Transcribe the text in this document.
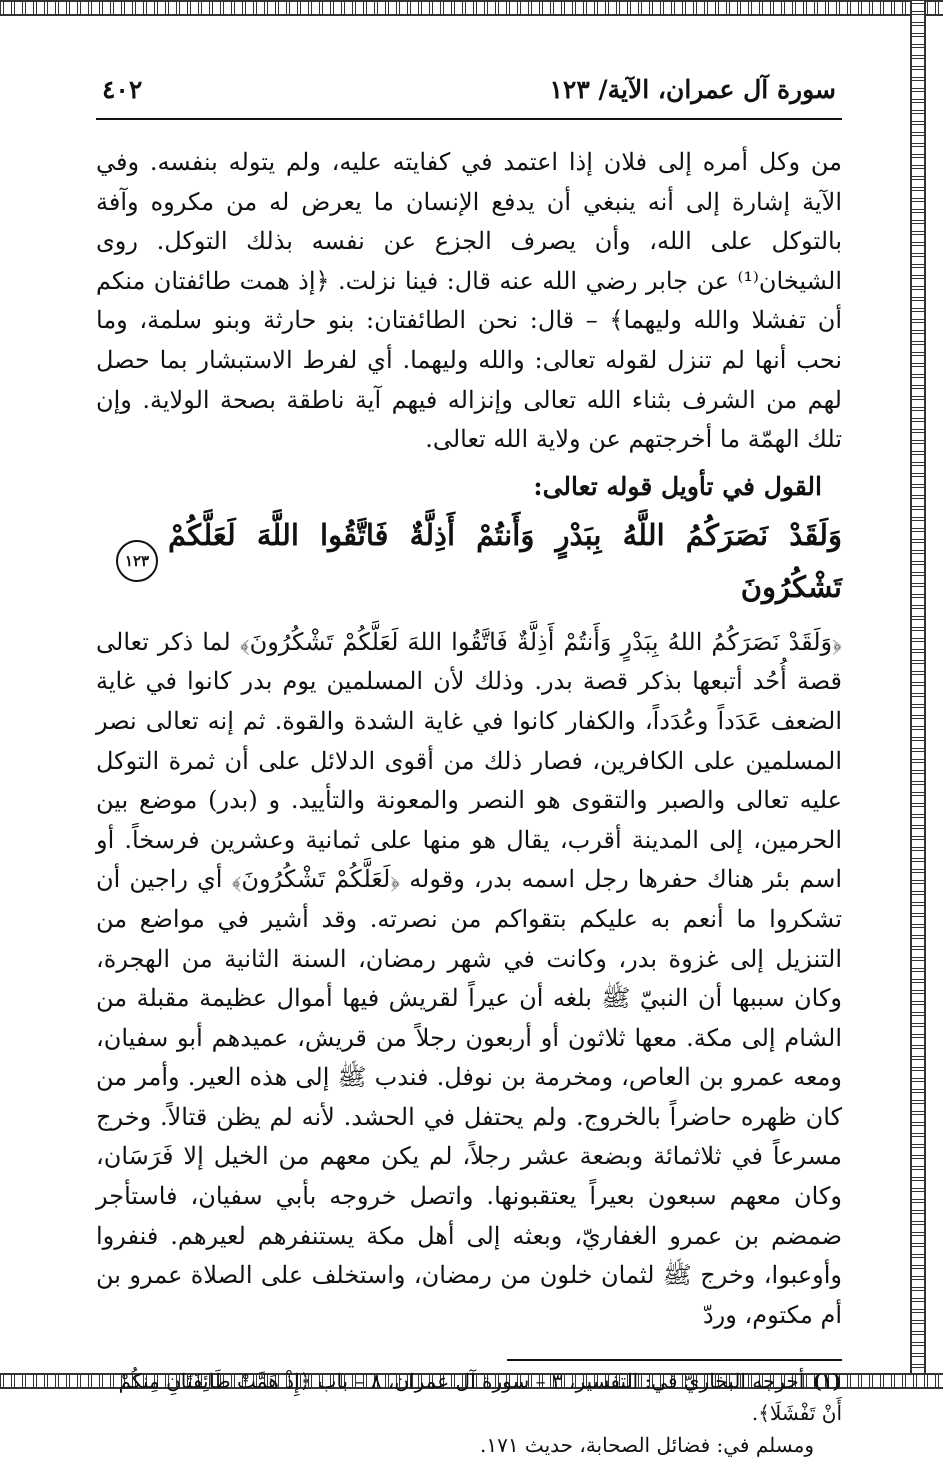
سورة آل عمران، الآية/ ١٢٣
٤٠٢

من وكل أمره إلى فلان إذا اعتمد في كفايته عليه، ولم يتوله بنفسه. وفي الآية إشارة إلى أنه ينبغي أن يدفع الإنسان ما يعرض له من مكروه وآفة بالتوكل على الله، وأن يصرف الجزع عن نفسه بذلك التوكل. روى الشيخان⁽¹⁾ عن جابر رضي الله عنه قال: فينا نزلت. ﴿إذ همت طائفتان منكم أن تفشلا والله وليهما﴾ – قال: نحن الطائفتان: بنو حارثة وبنو سلمة، وما نحب أنها لم تنزل لقوله تعالى: والله وليهما. أي لفرط الاستبشار بما حصل لهم من الشرف بثناء الله تعالى وإنزاله فيهم آية ناطقة بصحة الولاية. وإن تلك الهمّة ما أخرجتهم عن ولاية الله تعالى.

القول في تأويل قوله تعالى:
وَلَقَدْ نَصَرَكُمُ اللَّهُ بِبَدْرٍ وَأَنتُمْ أَذِلَّةٌ فَاتَّقُوا اللَّهَ لَعَلَّكُمْ تَشْكُرُونَ
١٢٣

﴿وَلَقَدْ نَصَرَكُمُ اللهُ بِبَدْرٍ وَأَنتُمْ أَذِلَّةٌ فَاتَّقُوا اللهَ لَعَلَّكُمْ تَشْكُرُونَ﴾ لما ذكر تعالى قصة أُحُد أتبعها بذكر قصة بدر. وذلك لأن المسلمين يوم بدر كانوا في غاية الضعف عَدَداً وعُدَداً، والكفار كانوا في غاية الشدة والقوة. ثم إنه تعالى نصر المسلمين على الكافرين، فصار ذلك من أقوى الدلائل على أن ثمرة التوكل عليه تعالى والصبر والتقوى هو النصر والمعونة والتأييد. و (بدر) موضع بين الحرمين، إلى المدينة أقرب، يقال هو منها على ثمانية وعشرين فرسخاً. أو اسم بئر هناك حفرها رجل اسمه بدر، وقوله ﴿لَعَلَّكُمْ تَشْكُرُونَ﴾ أي راجين أن تشكروا ما أنعم به عليكم بتقواكم من نصرته. وقد أشير في مواضع من التنزيل إلى غزوة بدر، وكانت في شهر رمضان، السنة الثانية من الهجرة، وكان سببها أن النبيّ ﷺ بلغه أن عيراً لقريش فيها أموال عظيمة مقبلة من الشام إلى مكة. معها ثلاثون أو أربعون رجلاً من قريش، عميدهم أبو سفيان، ومعه عمرو بن العاص، ومخرمة بن نوفل. فندب ﷺ إلى هذه العير. وأمر من كان ظهره حاضراً بالخروج. ولم يحتفل في الحشد. لأنه لم يظن قتالاً. وخرج مسرعاً في ثلاثمائة وبضعة عشر رجلاً، لم يكن معهم من الخيل إلا فَرَسَان، وكان معهم سبعون بعيراً يعتقبونها. واتصل خروجه بأبي سفيان، فاستأجر ضمضم بن عمرو الغفاريّ، وبعثه إلى أهل مكة يستنفرهم لعيرهم. فنفروا وأوعبوا، وخرج ﷺ لثمان خلون من رمضان، واستخلف على الصلاة عمرو بن أم مكتوم، وردّ

(١)أخرجه البخاريّ في: التفسير، ٣ – سورة آل عمران، ٨ – باب ﴿إِذْ هَمَّتْ طَائِفَتَانِ مِنكُمْ أَنْ تَفْشَلَا﴾.

ومسلم في: فضائل الصحابة، حديث ١٧١.
